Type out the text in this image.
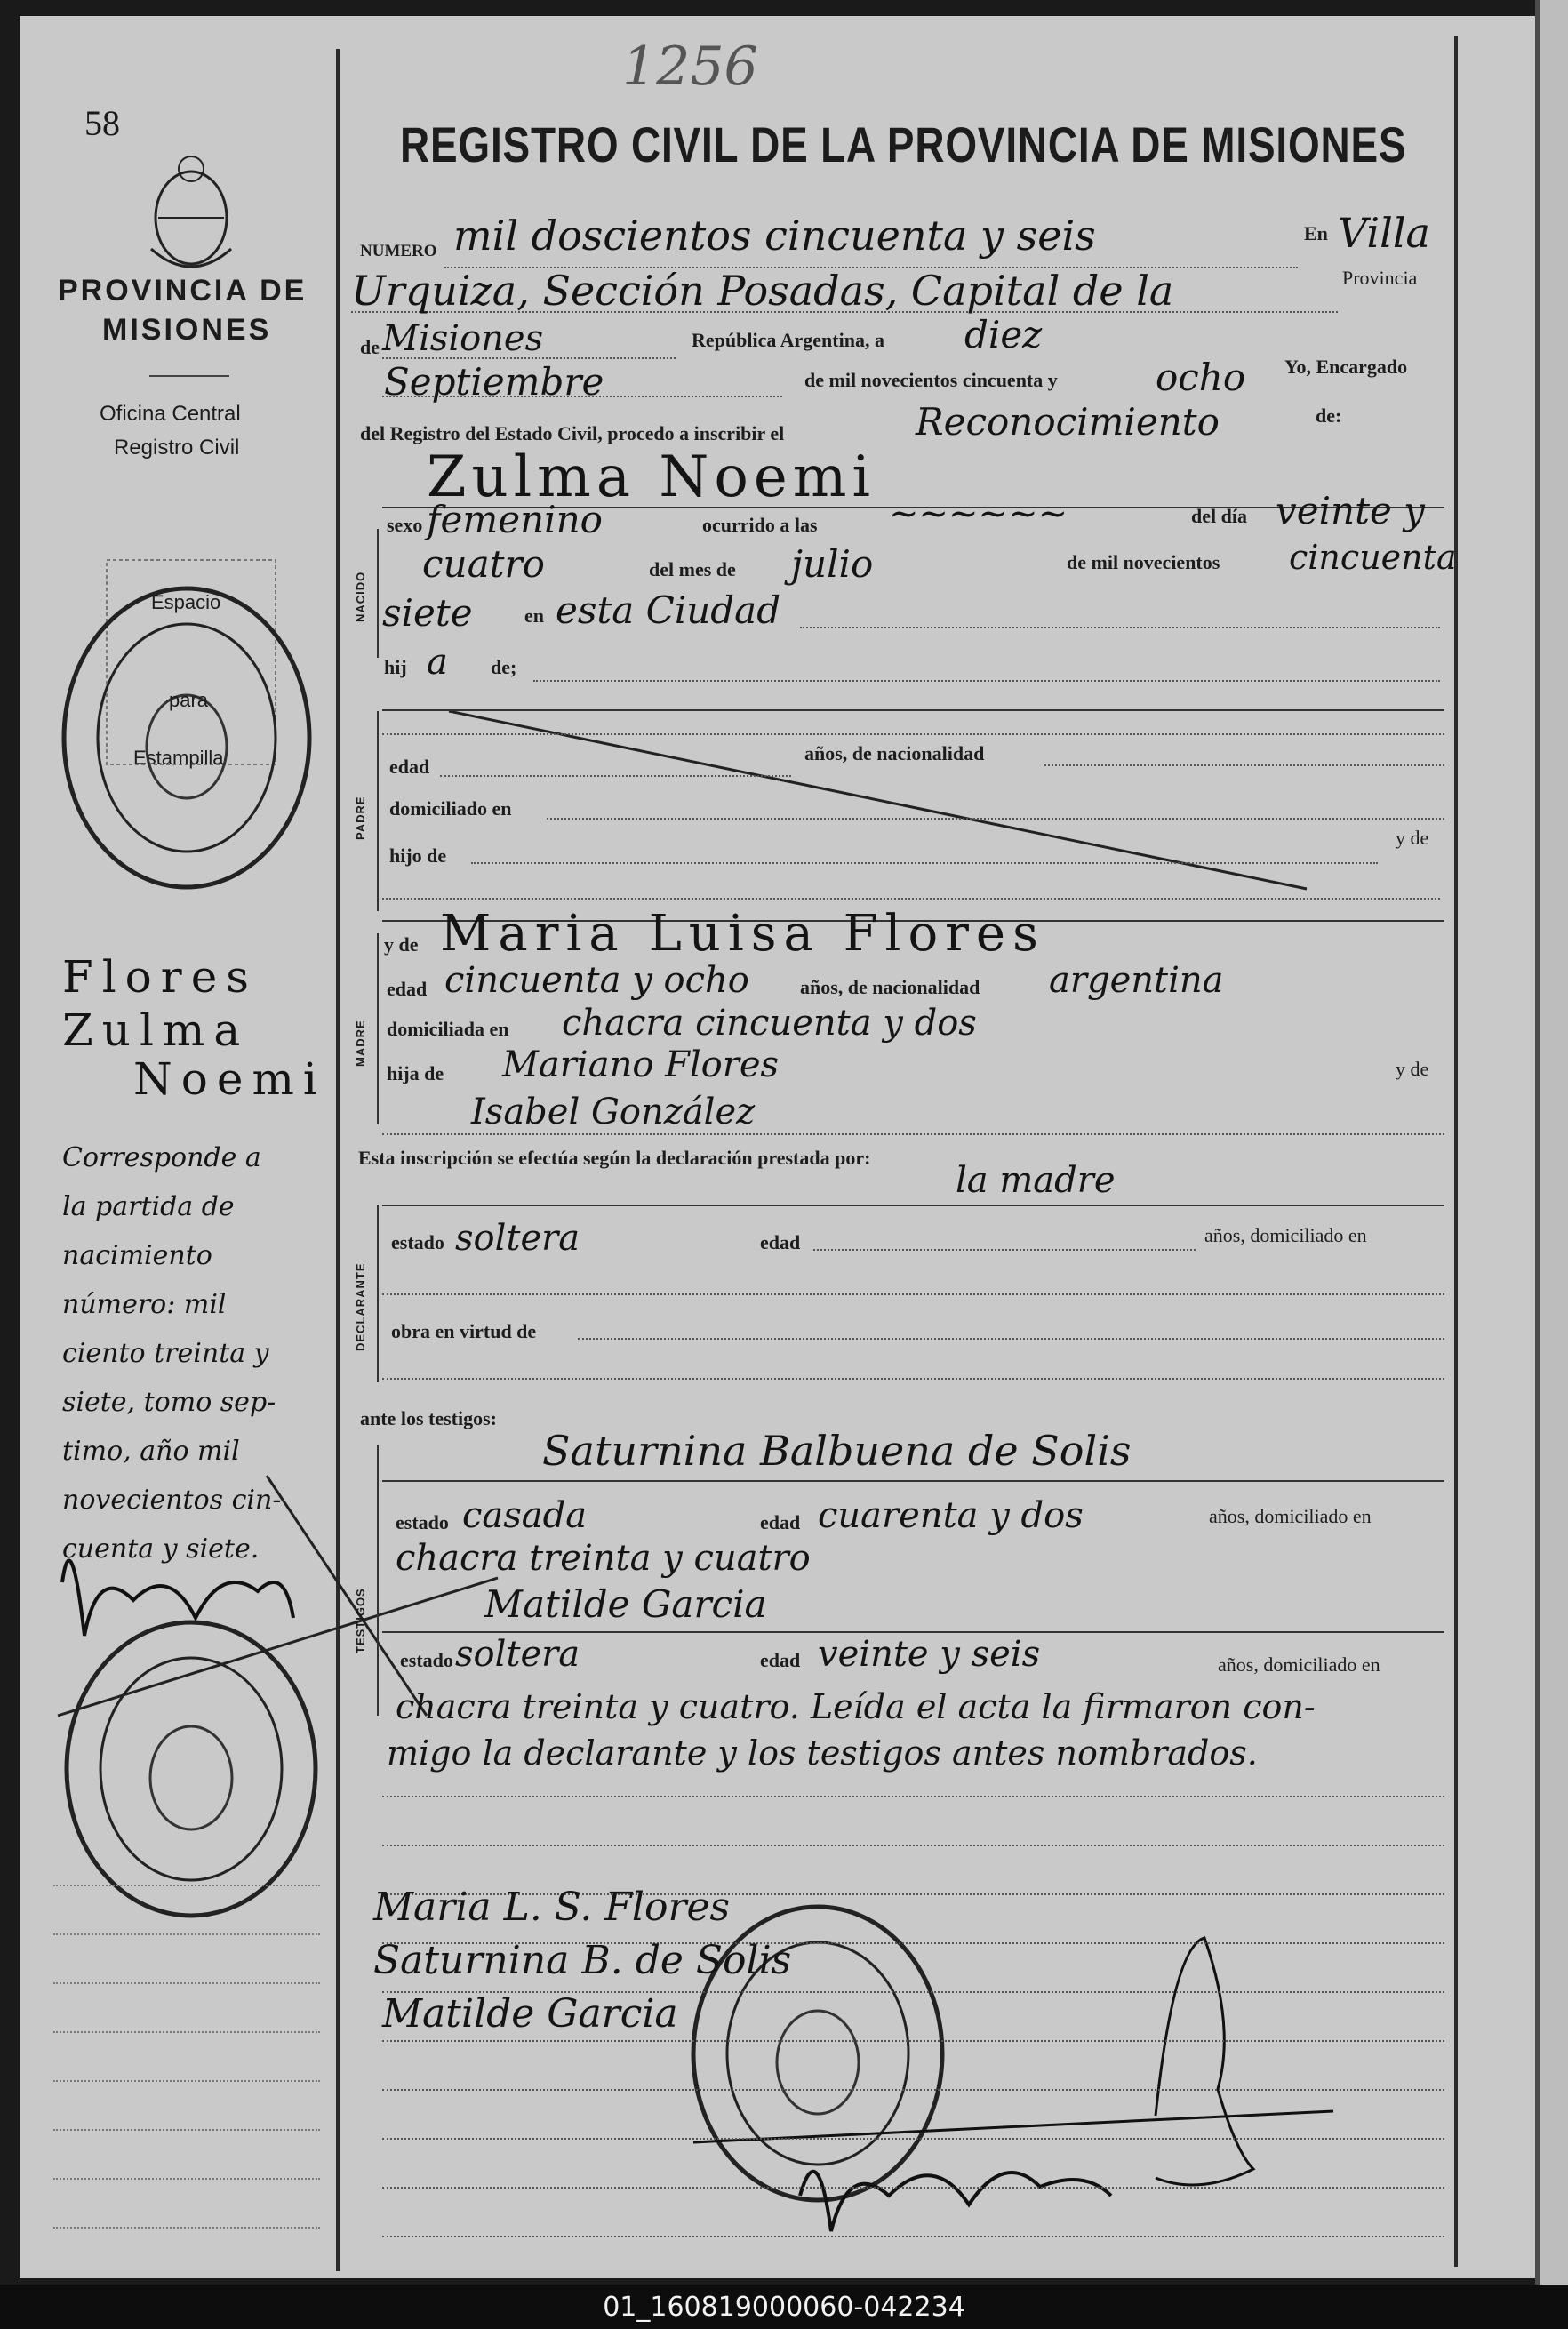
01_160819000060-042234
58
1256
PROVINCIA DE
MISIONES
Oficina Central
Registro Civil
Espacio
para
Estampilla
Flores
Zulma
Noemi
Corresponde a
la partida de
nacimiento
número: mil
ciento treinta y
siete, tomo sep-
timo, año mil
novecientos cin-
cuenta y siete.
REGISTRO CIVIL DE LA PROVINCIA DE MISIONES
NUMERO mil doscientos cincuenta y seis	En Villa
Urquiza, Sección Posadas, Capital de la	Provincia
de Misiones	República Argentina, a diez
Septiembre	de mil novecientos cincuenta y	ocho Yo, Encargado
del Registro del Estado Civil, procedo a inscribir el	Reconocimiento	de:
Zulma Noemi
NACIDO
sexo femenino	ocurrido a las ~~~~~~	del día veinte y
cuatro	del mes de julio	de mil novecientos cincuenta
siete	en esta Ciudad
hij a de;
PADRE
edad
años, de nacionalidad
domiciliado en
hijo de
y de
MADRE
y de Maria Luisa Flores
edad cincuenta y ocho	años, de nacionalidad argentina
domiciliada en chacra cincuenta y dos
hija de Mariano Flores	y de
Isabel González
Esta inscripción se efectúa según la declaración prestada por:
la madre
DECLARANTE
estado soltera	edad	años, domiciliado en
obra en virtud de
ante los testigos:
Saturnina Balbuena de Solis
TESTIGOS
estado casada	edad cuarenta y dos	años, domiciliado en
chacra treinta y cuatro
Matilde Garcia
estado soltera	edad veinte y seis	años, domiciliado en
chacra treinta y cuatro. Leída el acta la firmaron con-
migo la declarante y los testigos antes nombrados.
Maria L. S. Flores
Saturnina B. de Solis
Matilde Garcia
